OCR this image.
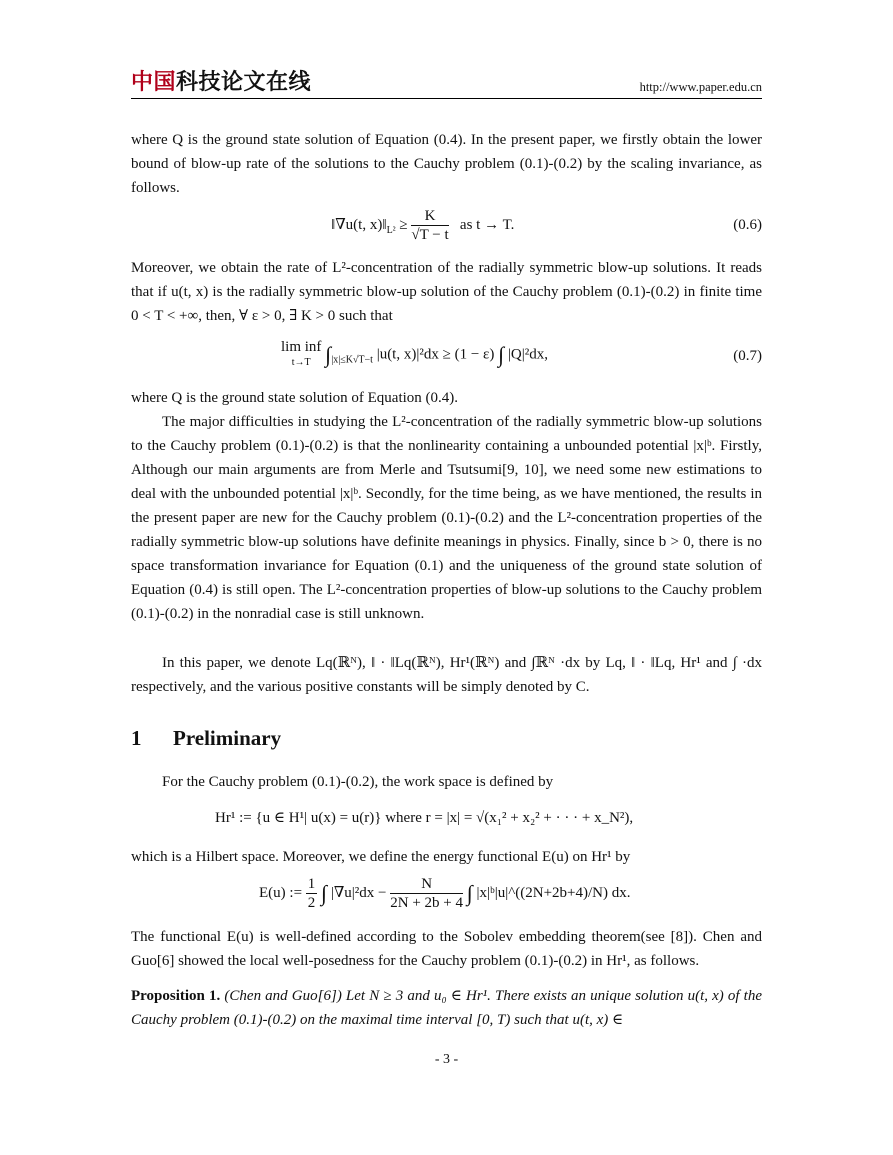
中国科技论文在线	http://www.paper.edu.cn
where Q is the ground state solution of Equation (0.4). In the present paper, we firstly obtain the lower bound of blow-up rate of the solutions to the Cauchy problem (0.1)-(0.2) by the scaling invariance, as follows.
‖∇u(t, $x)‖_{L^2} \ge \frac{K}{√T - t}$ as t → T.	(0.6)
Moreover, we obtain the rate of L²-concentration of the radially symmetric blow-up solutions. It reads that if u(t, x) is the radially symmetric blow-up solution of the Cauchy problem (0.1)-(0.2) in finite time 0 < T < +∞, then, ∀ ε > 0, ∃ K > 0 such that
lim inf
t→T $\int_{|x|\le K√T-t}$ |u(t, x)|²dx ≥ (1 − ε) ∫ |Q|²dx,	(0.7)
where Q is the ground state solution of Equation (0.4).
The major difficulties in studying the L²-concentration of the radially symmetric blow-up solutions to the Cauchy problem (0.1)-(0.2) is that the nonlinearity containing a unbounded potential |x|ᵇ. Firstly, Although our main arguments are from Merle and Tsutsumi[9, 10], we need some new estimations to deal with the unbounded potential |x|ᵇ. Secondly, for the time being, as we have mentioned, the results in the present paper are new for the Cauchy problem (0.1)-(0.2) and the L²-concentration properties of the radially symmetric blow-up solutions have definite meanings in physics. Finally, since b > 0, there is no space transformation invariance for Equation (0.1) and the uniqueness of the ground state solution of Equation (0.4) is still open. The L²-concentration properties of blow-up solutions to the Cauchy problem (0.1)-(0.2) in the nonradial case is still unknown.
In this paper, we denote Lq(ℝᴺ), ‖ · ‖Lq(ℝᴺ), Hr¹(ℝᴺ) and ∫ℝᴺ ·dx by Lq, ‖ · ‖Lq, Hr¹ and ∫ ·dx respectively, and the various positive constants will be simply denoted by C.
1 Preliminary
For the Cauchy problem (0.1)-(0.2), the work space is defined by
Hr¹ := {u ∈ H¹| u(x) = u(r)} where r = |x| = √(x₁² + x₂² + · · · + x_N²),
which is a Hilbert space. Moreover, we define the energy functional E(u) on Hr¹ by
E(u) := $\frac{1}{2}$ ∫ $|\nabla u|^2dx - \frac{N}{2N + 2b + 4}$ ∫ |x|ᵇ|u|^((2N+2b+4)/N) dx.
The functional E(u) is well-defined according to the Sobolev embedding theorem(see [8]). Chen and Guo[6] showed the local well-posedness for the Cauchy problem (0.1)-(0.2) in Hr¹, as follows.
Proposition 1. (Chen and Guo[6]) Let N ≥ 3 and u₀ ∈ Hr¹. There exists an unique solution u(t, x) of the Cauchy problem (0.1)-(0.2) on the maximal time interval [0, T) such that u(t, x) ∈
- 3 -
